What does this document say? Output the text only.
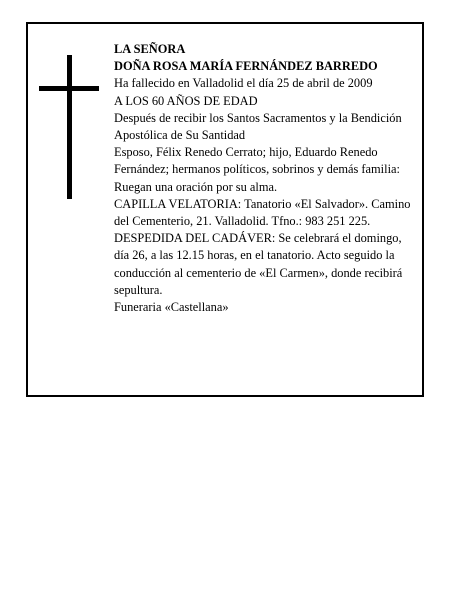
LA SEÑORA

DOÑA ROSA MARÍA FERNÁNDEZ BARREDO

Ha fallecido en Valladolid el día 25 de abril de 2009

A LOS 60 AÑOS DE EDAD

Después de recibir los Santos Sacramentos y la Bendición Apostólica de Su Santidad

Esposo, Félix Renedo Cerrato; hijo, Eduardo Renedo Fernández; hermanos políticos, sobrinos y demás familia:

Ruegan una oración por su alma.

CAPILLA VELATORIA: Tanatorio «El Salvador». Camino del Cementerio, 21. Valladolid. Tfno.: 983 251 225.

DESPEDIDA DEL CADÁVER: Se celebrará el domingo, día 26, a las 12.15 horas, en el tanatorio. Acto seguido la conducción al cementerio de «El Carmen», donde recibirá sepultura.

Funeraria «Castellana»
